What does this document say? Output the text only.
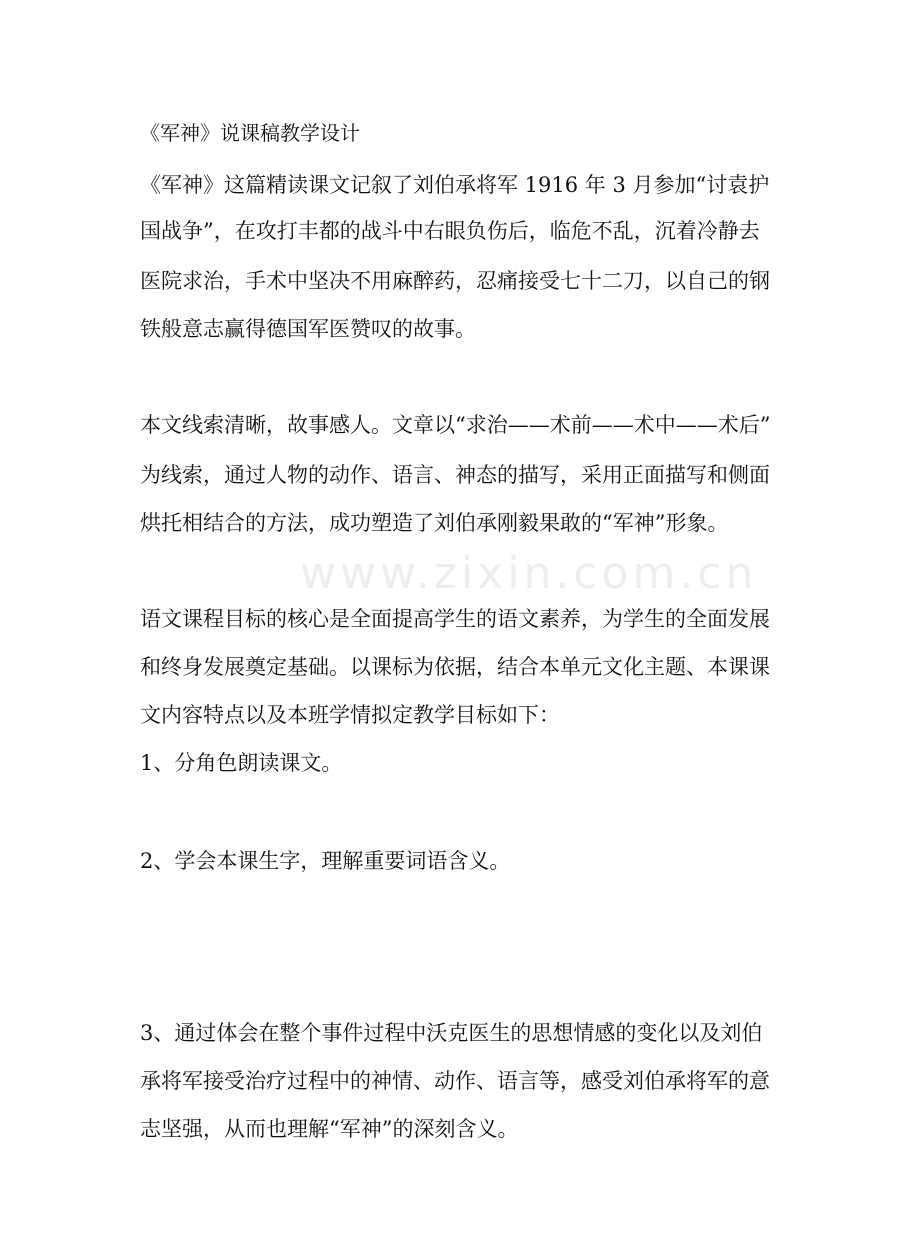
www.zixin.com.cn
《军神》说课稿教学设计
《军神》这篇精读课文记叙了刘伯承将军 1916 年 3 月参加“讨袁护
国战争”，在攻打丰都的战斗中右眼负伤后，临危不乱，沉着冷静去
医院求治，手术中坚决不用麻醉药，忍痛接受七十二刀，以自己的钢
铁般意志赢得德国军医赞叹的故事。
本文线索清晰，故事感人。文章以“求治——术前——术中——术后”
为线索，通过人物的动作、语言、神态的描写，采用正面描写和侧面
烘托相结合的方法，成功塑造了刘伯承刚毅果敢的“军神”形象。
语文课程目标的核心是全面提高学生的语文素养，为学生的全面发展
和终身发展奠定基础。以课标为依据，结合本单元文化主题、本课课
文内容特点以及本班学情拟定教学目标如下：
1、分角色朗读课文。
2、学会本课生字，理解重要词语含义。
3、通过体会在整个事件过程中沃克医生的思想情感的变化以及刘伯
承将军接受治疗过程中的神情、动作、语言等，感受刘伯承将军的意
志坚强，从而也理解“军神”的深刻含义。
